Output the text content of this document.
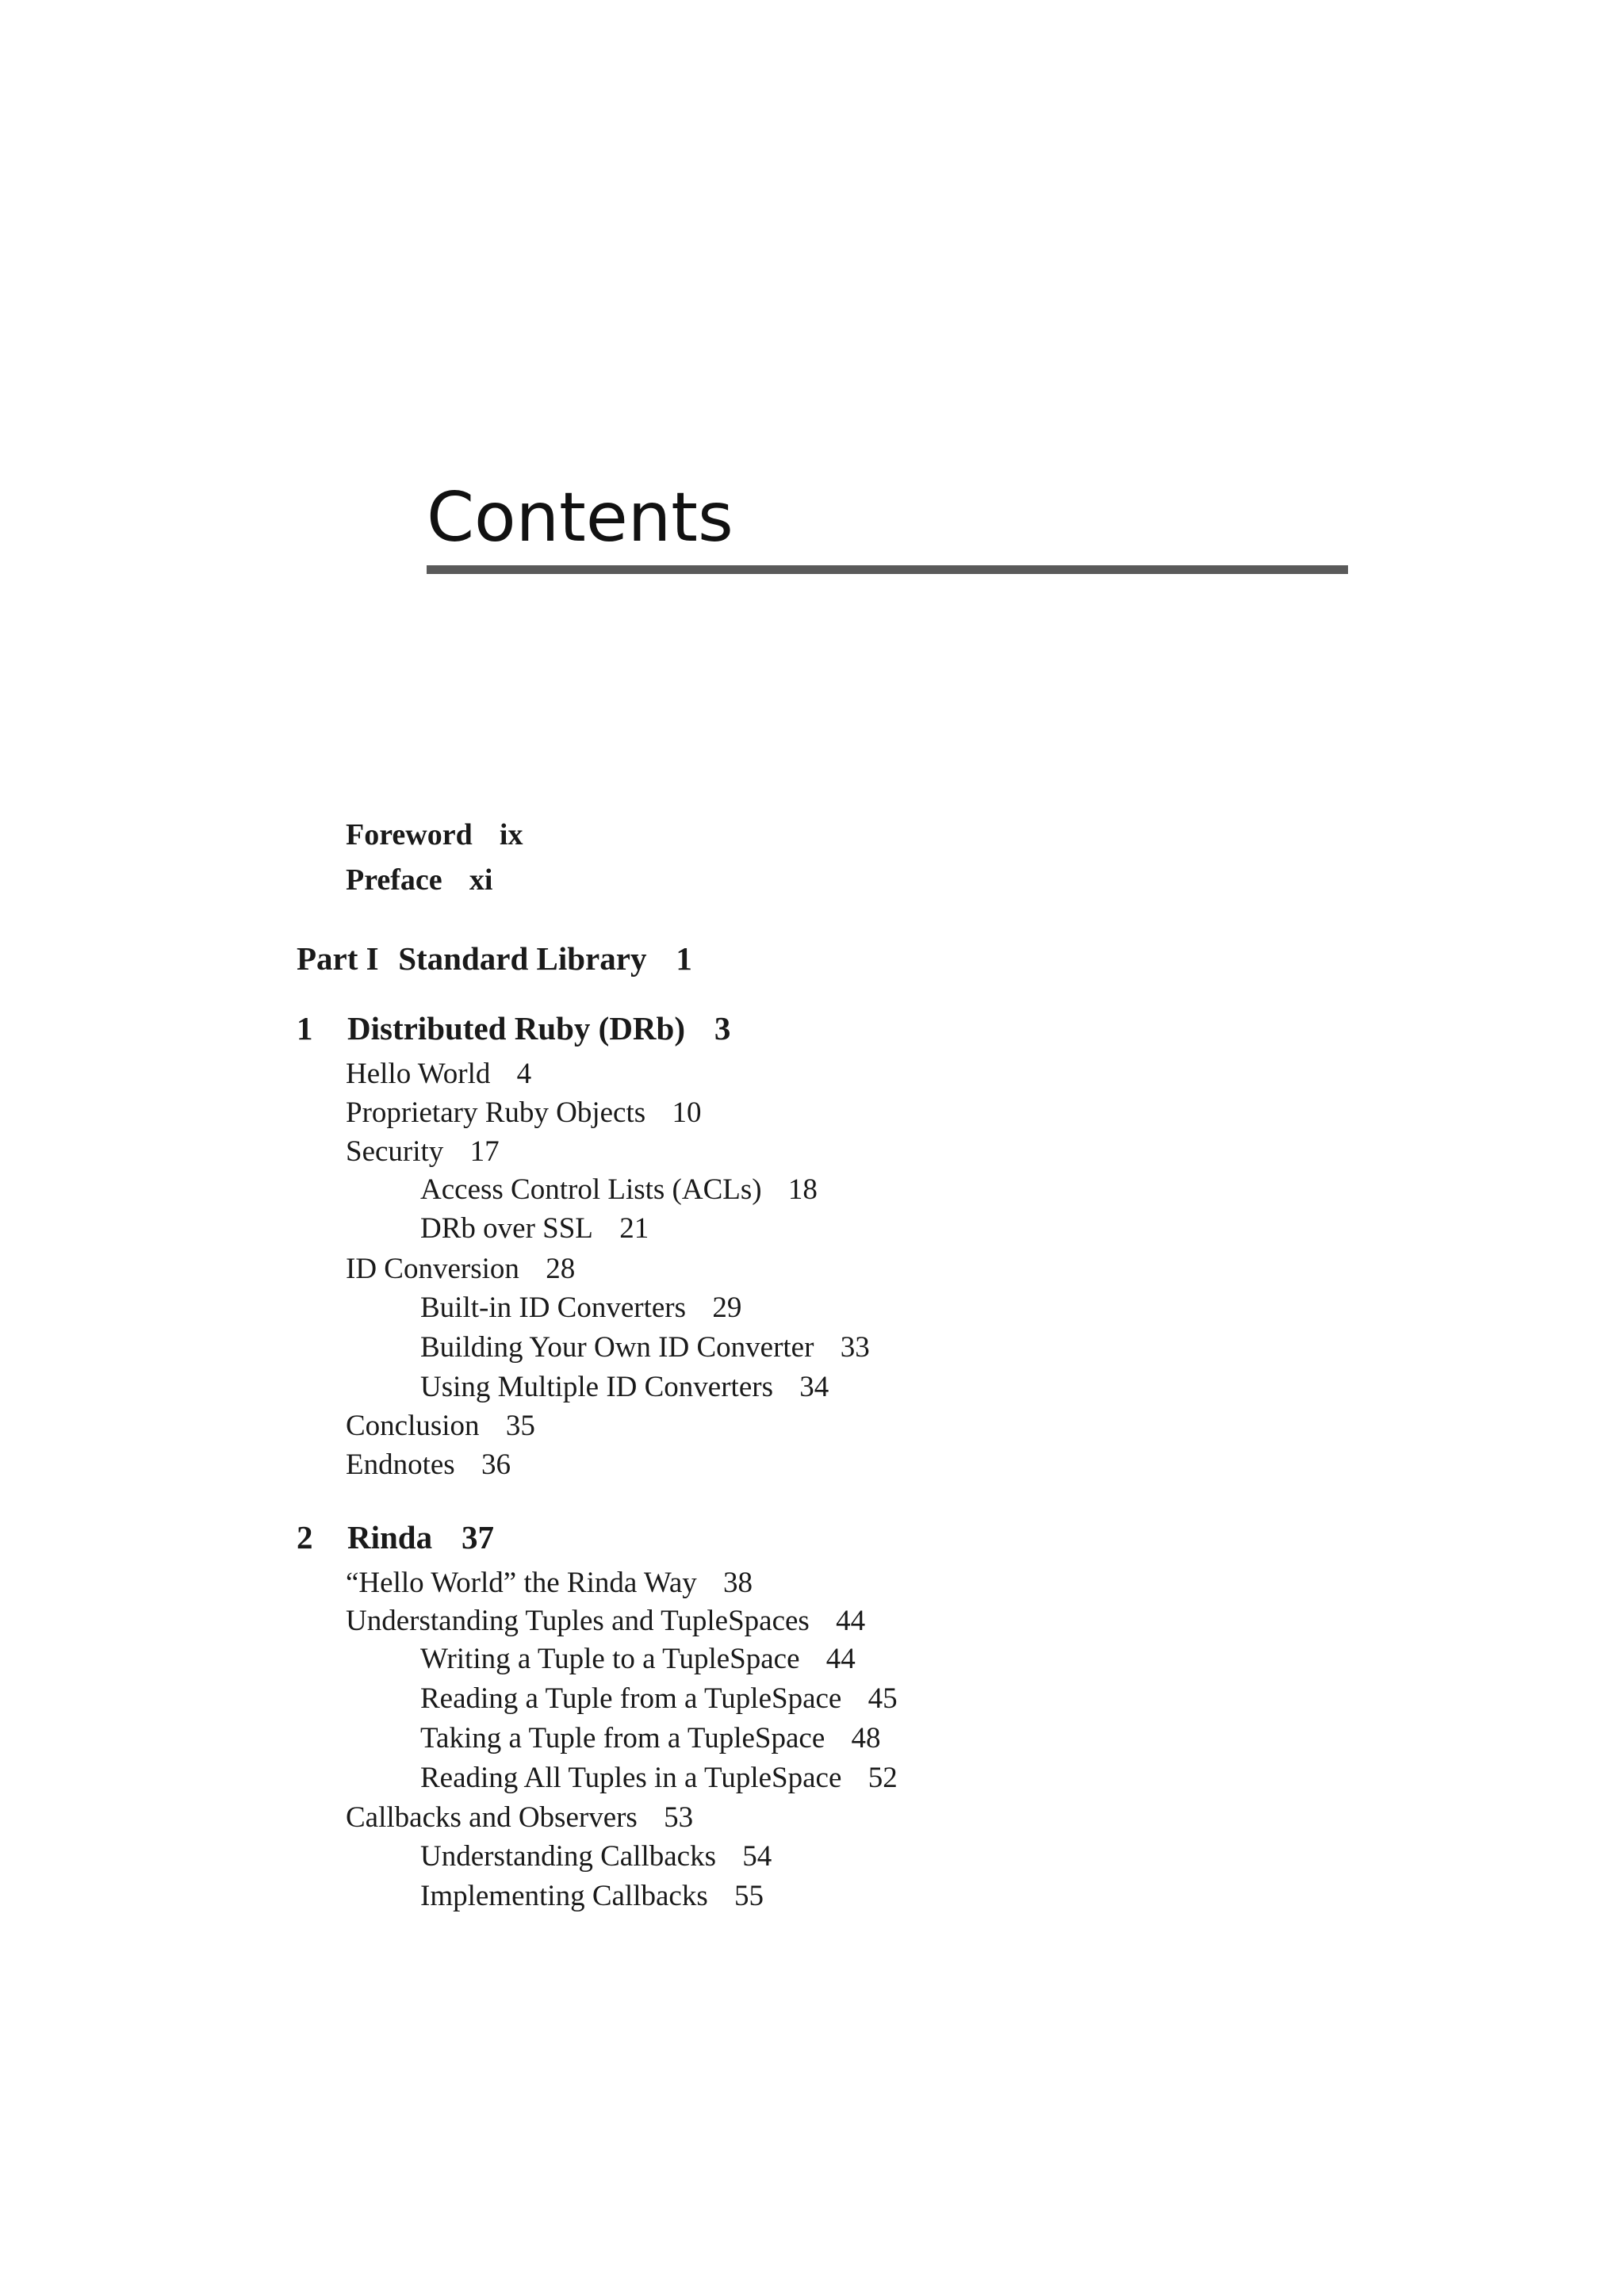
Contents
Foreword ix
Preface xi
Part I Standard Library 1
1 Distributed Ruby (DRb) 3
Hello World 4
Proprietary Ruby Objects 10
Security 17
Access Control Lists (ACLs) 18
DRb over SSL 21
ID Conversion 28
Built-in ID Converters 29
Building Your Own ID Converter 33
Using Multiple ID Converters 34
Conclusion 35
Endnotes 36
2 Rinda 37
“Hello World” the Rinda Way 38
Understanding Tuples and TupleSpaces 44
Writing a Tuple to a TupleSpace 44
Reading a Tuple from a TupleSpace 45
Taking a Tuple from a TupleSpace 48
Reading All Tuples in a TupleSpace 52
Callbacks and Observers 53
Understanding Callbacks 54
Implementing Callbacks 55
